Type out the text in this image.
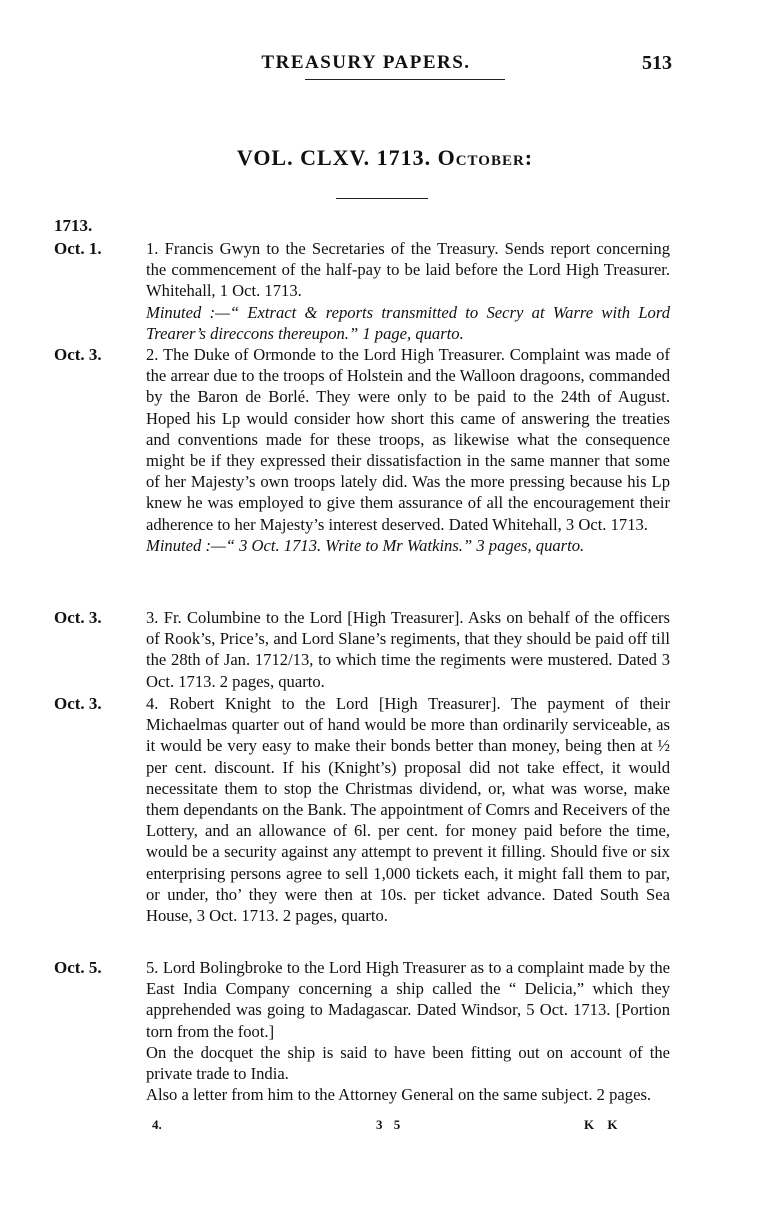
TREASURY PAPERS.	513
VOL. CLXV. 1713. October:
1713.
Oct. 1.	1. Francis Gwyn to the Secretaries of the Treasury. Sends report concerning the commencement of the half-pay to be laid before the Lord High Treasurer. Whitehall, 1 Oct. 1713.

Minuted :—“ Extract & reports transmitted to Secry at Warre with Lord Trearer’s direccons thereupon.” 1 page, quarto.

Oct. 3.	2. The Duke of Ormonde to the Lord High Treasurer. Complaint was made of the arrear due to the troops of Holstein and the Walloon dragoons, commanded by the Baron de Borlé. They were only to be paid to the 24th of August. Hoped his Lp would consider how short this came of answering the treaties and conventions made for these troops, as likewise what the consequence might be if they expressed their dissatisfaction in the same manner that some of her Majesty’s own troops lately did. Was the more pressing because his Lp knew he was employed to give them assurance of all the encouragement their adherence to her Majesty’s interest deserved. Dated Whitehall, 3 Oct. 1713.

Minuted :—“ 3 Oct. 1713. Write to Mr Watkins.” 3 pages, quarto.

Oct. 3.	3. Fr. Columbine to the Lord [High Treasurer]. Asks on behalf of the officers of Rook’s, Price’s, and Lord Slane’s regiments, that they should be paid off till the 28th of Jan. 1712/13, to which time the regiments were mustered. Dated 3 Oct. 1713. 2 pages, quarto.

Oct. 3.	4. Robert Knight to the Lord [High Treasurer]. The payment of their Michaelmas quarter out of hand would be more than ordinarily serviceable, as it would be very easy to make their bonds better than money, being then at ½ per cent. discount. If his (Knight’s) proposal did not take effect, it would necessitate them to stop the Christmas dividend, or, what was worse, make them dependants on the Bank. The appointment of Comrs and Receivers of the Lottery, and an allowance of 6l. per cent. for money paid before the time, would be a security against any attempt to prevent it filling. Should five or six enterprising persons agree to sell 1,000 tickets each, it might fall them to par, or under, tho’ they were then at 10s. per ticket advance. Dated South Sea House, 3 Oct. 1713. 2 pages, quarto.

Oct. 5.	5. Lord Bolingbroke to the Lord High Treasurer as to a complaint made by the East India Company concerning a ship called the “ Delicia,” which they apprehended was going to Madagascar. Dated Windsor, 5 Oct. 1713. [Portion torn from the foot.]

On the docquet the ship is said to have been fitting out on account of the private trade to India.

Also a letter from him to the Attorney General on the same subject. 2 pages.

4.	3 5	K K
